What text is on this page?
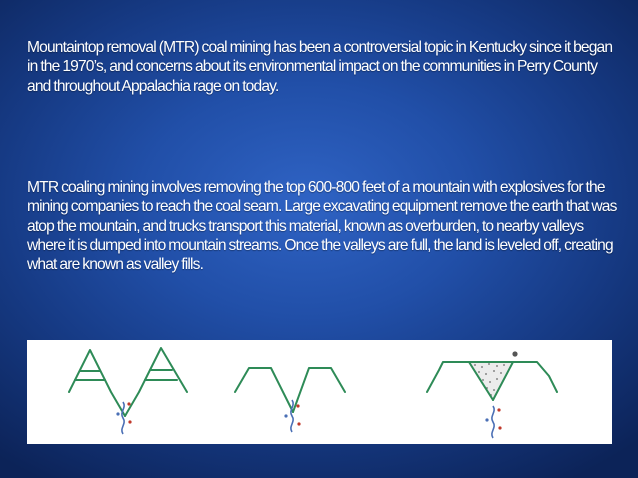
Mountaintop removal (MTR) coal mining has been a controversial topic in Kentucky since it began in the 1970’s, and concerns about its environmental impact on the communities in Perry County and throughout Appalachia rage on today.
MTR coaling mining involves removing the top 600-800 feet of a mountain with explosives for the mining companies to reach the coal seam. Large excavating equipment remove the earth that was atop the mountain, and trucks transport this material, known as overburden, to nearby valleys where it is dumped into mountain streams. Once the valleys are full, the land is leveled off, creating what are known as valley fills.
